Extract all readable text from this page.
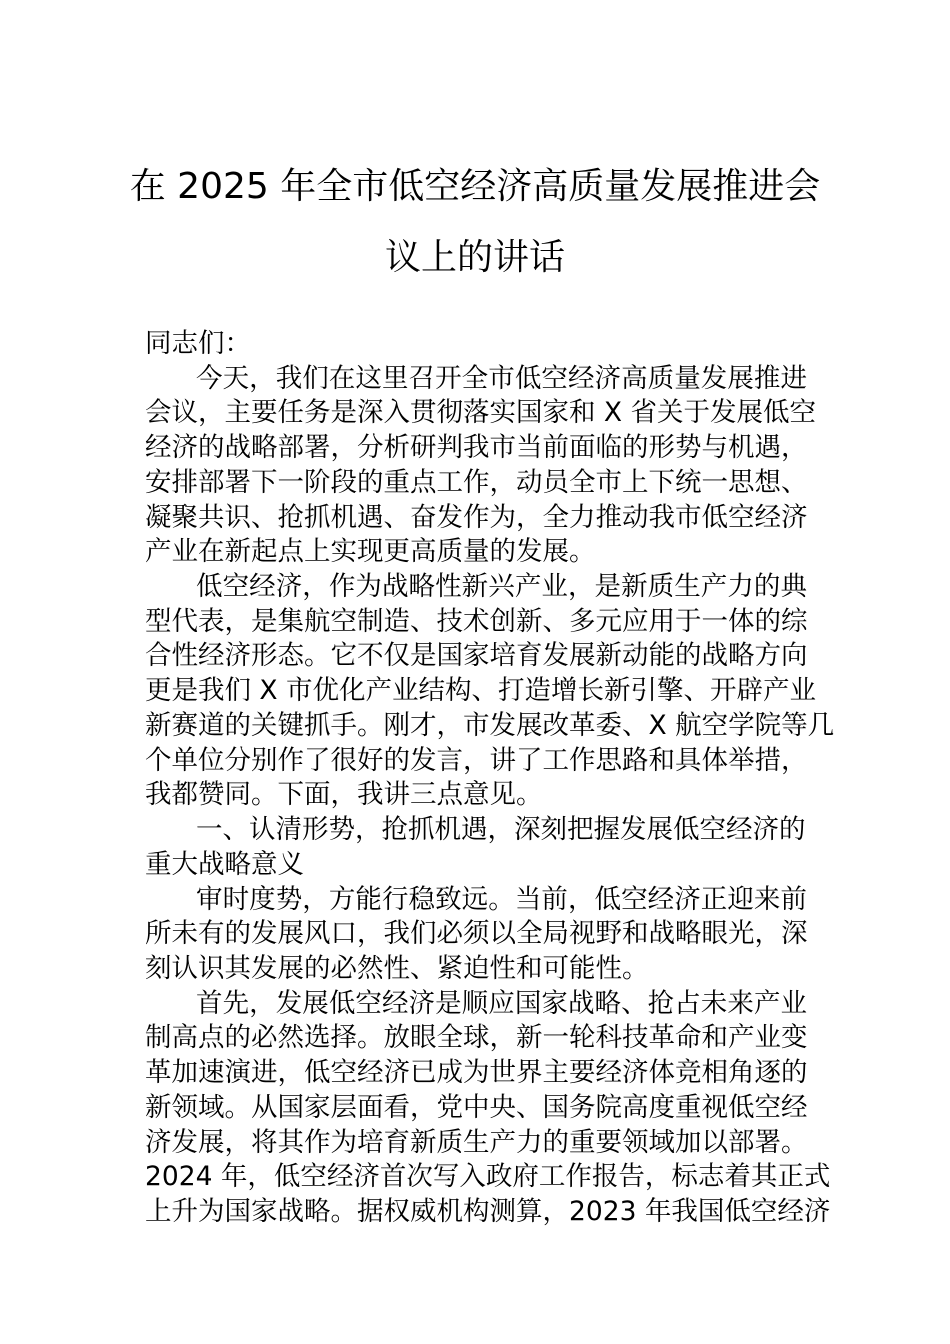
在 2025 年全市低空经济高质量发展推进会
议上的讲话
同志们：
今天，我们在这里召开全市低空经济高质量发展推进
会议，主要任务是深入贯彻落实国家和 X 省关于发展低空
经济的战略部署，分析研判我市当前面临的形势与机遇，
安排部署下一阶段的重点工作，动员全市上下统一思想、
凝聚共识、抢抓机遇、奋发作为，全力推动我市低空经济
产业在新起点上实现更高质量的发展。
低空经济，作为战略性新兴产业，是新质生产力的典
型代表，是集航空制造、技术创新、多元应用于一体的综
合性经济形态。它不仅是国家培育发展新动能的战略方向
更是我们 X 市优化产业结构、打造增长新引擎、开辟产业
新赛道的关键抓手。刚才，市发展改革委、X 航空学院等几
个单位分别作了很好的发言，讲了工作思路和具体举措，
我都赞同。下面，我讲三点意见。
一、认清形势，抢抓机遇，深刻把握发展低空经济的
重大战略意义
审时度势，方能行稳致远。当前，低空经济正迎来前
所未有的发展风口，我们必须以全局视野和战略眼光，深
刻认识其发展的必然性、紧迫性和可能性。
首先，发展低空经济是顺应国家战略、抢占未来产业
制高点的必然选择。放眼全球，新一轮科技革命和产业变
革加速演进，低空经济已成为世界主要经济体竞相角逐的
新领域。从国家层面看，党中央、国务院高度重视低空经
济发展，将其作为培育新质生产力的重要领域加以部署。
2024 年，低空经济首次写入政府工作报告，标志着其正式
上升为国家战略。据权威机构测算，2023 年我国低空经济
